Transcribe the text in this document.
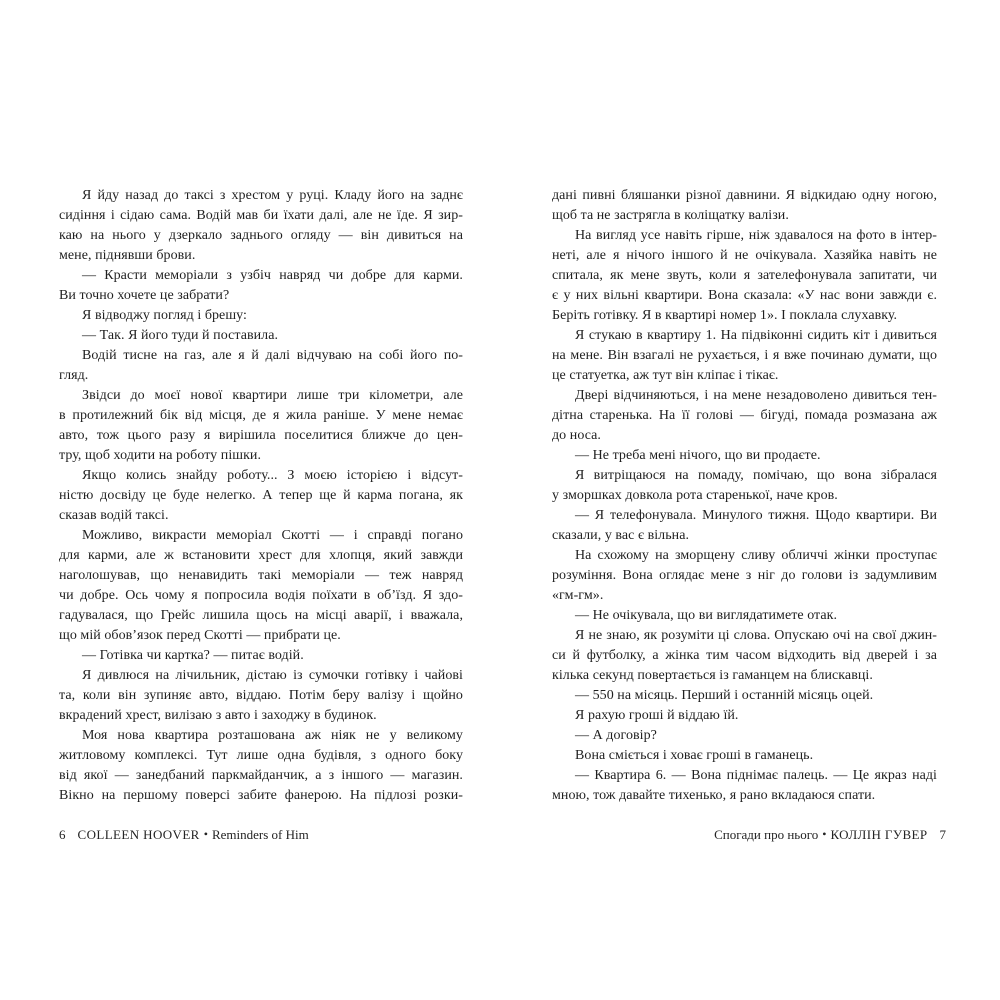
Я йду назад до таксі з хрестом у руці. Кладу його на заднє
сидіння і сідаю сама. Водій мав би їхати далі, але не їде. Я зир-
каю на нього у дзеркало заднього огляду — він дивиться на
мене, піднявши брови.
— Красти меморіали з узбіч навряд чи добре для карми.
Ви точно хочете це забрати?
Я відводжу погляд і брешу:
— Так. Я його туди й поставила.
Водій тисне на газ, але я й далі відчуваю на собі його по-
гляд.
Звідси до моєї нової квартири лише три кілометри, але
в протилежний бік від місця, де я жила раніше. У мене немає
авто, тож цього разу я вирішила поселитися ближче до цен-
тру, щоб ходити на роботу пішки.
Якщо колись знайду роботу... З моєю історією і відсут-
ністю досвіду це буде нелегко. А тепер ще й карма погана, як
сказав водій таксі.
Можливо, викрасти меморіал Скотті — і справді погано
для карми, але ж встановити хрест для хлопця, який завжди
наголошував, що ненавидить такі меморіали — теж навряд
чи добре. Ось чому я попросила водія поїхати в об’їзд. Я здо-
гадувалася, що Грейс лишила щось на місці аварії, і вважала,
що мій обов’язок перед Скотті — прибрати це.
— Готівка чи картка? — питає водій.
Я дивлюся на лічильник, дістаю із сумочки готівку і чайові
та, коли він зупиняє авто, віддаю. Потім беру валізу і щойно
вкрадений хрест, вилізаю з авто і заходжу в будинок.
Моя нова квартира розташована аж ніяк не у великому
житловому комплексі. Тут лише одна будівля, з одного боку
від якої — занедбаний паркмайданчик, а з іншого — магазин.
Вікно на першому поверсі забите фанерою. На підлозі розки-
6 COLLEEN HOOVER • Reminders of Him
дані пивні бляшанки різної давнини. Я відкидаю одну ногою,
щоб та не застрягла в коліщатку валізи.
На вигляд усе навіть гірше, ніж здавалося на фото в інтер-
неті, але я нічого іншого й не очікувала. Хазяйка навіть не
спитала, як мене звуть, коли я зателефонувала запитати, чи
є у них вільні квартири. Вона сказала: «У нас вони завжди є.
Беріть готівку. Я в квартирі номер 1». І поклала слухавку.
Я стукаю в квартиру 1. На підвіконні сидить кіт і дивиться
на мене. Він взагалі не рухається, і я вже починаю думати, що
це статуетка, аж тут він кліпає і тікає.
Двері відчиняються, і на мене незадоволено дивиться тен-
дітна старенька. На її голові — бігуді, помада розмазана аж
до носа.
— Не треба мені нічого, що ви продаєте.
Я витріщаюся на помаду, помічаю, що вона зібралася
у зморшках довкола рота старенької, наче кров.
— Я телефонувала. Минулого тижня. Щодо квартири. Ви
сказали, у вас є вільна.
На схожому на зморщену сливу обличчі жінки проступає
розуміння. Вона оглядає мене з ніг до голови із задумливим
«гм-гм».
— Не очікувала, що ви виглядатимете отак.
Я не знаю, як розуміти ці слова. Опускаю очі на свої джин-
си й футболку, а жінка тим часом відходить від дверей і за
кілька секунд повертається із гаманцем на блискавці.
— 550 на місяць. Перший і останній місяць оцей.
Я рахую гроші й віддаю їй.
— А договір?
Вона сміється і ховає гроші в гаманець.
— Квартира 6. — Вона піднімає палець. — Це якраз наді
мною, тож давайте тихенько, я рано вкладаюся спати.
Спогади про нього • КОЛЛІН ГУВЕР 7
